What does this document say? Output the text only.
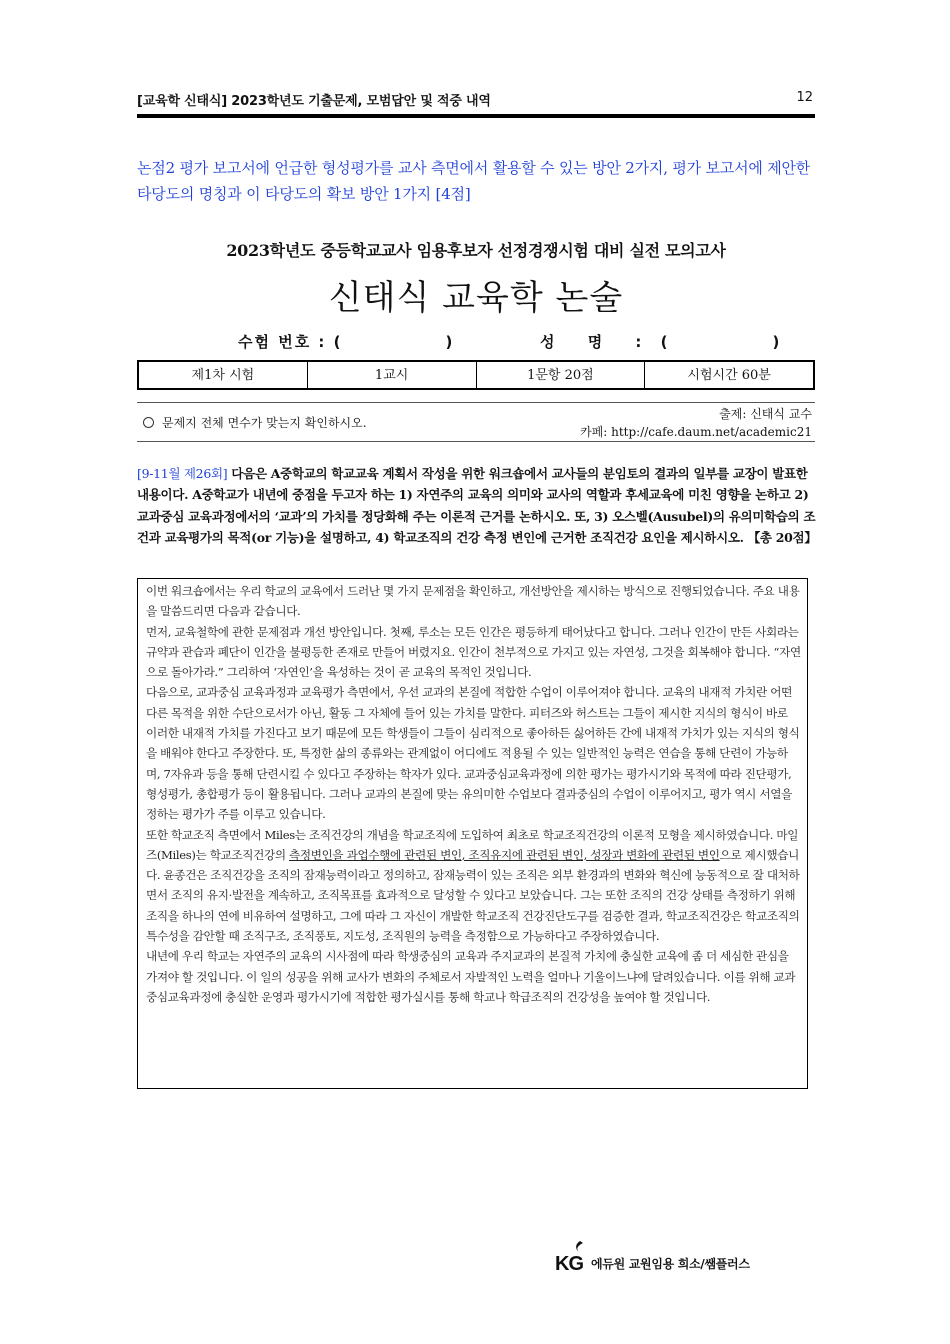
[교육학 신태식] 2023학년도 기출문제, 모범답안 및 적중 내역	12
논점2 평가 보고서에 언급한 형성평가를 교사 측면에서 활용할 수 있는 방안 2가지, 평가 보고서에 제안한 타당도의 명칭과 이 타당도의 확보 방안 1가지 [4점]
2023학년도 중등학교교사 임용후보자 선정경쟁시험 대비 실전 모의고사
신태식 교육학 논술
수험 번호 : (	)	성 명 : (	)
제1차 시험	1교시	1문항 20점	시험시간 60분
문제지 전체 면수가 맞는지 확인하시오.
출제: 신태식 교수
카페: http://cafe.daum.net/academic21
[9-11월 제26회] 다음은 A중학교의 학교교육 계획서 작성을 위한 워크숍에서 교사들의 분임토의 결과의 일부를 교장이 발표한 내용이다. A중학교가 내년에 중점을 두고자 하는 1) 자연주의 교육의 의미와 교사의 역할과 후세교육에 미친 영향을 논하고 2) 교과중심 교육과정에서의 ‘교과’의 가치를 정당화해 주는 이론적 근거를 논하시오. 또, 3) 오스벨(Ausubel)의 유의미학습의 조건과 교육평가의 목적(or 기능)을 설명하고, 4) 학교조직의 건강 측정 변인에 근거한 조직건강 요인을 제시하시오. 【총 20점】

이번 워크숍에서는 우리 학교의 교육에서 드러난 몇 가지 문제점을 확인하고, 개선방안을 제시하는 방식으로 진행되었습니다. 주요 내용을 말씀드리면 다음과 같습니다.

먼저, 교육철학에 관한 문제점과 개선 방안입니다. 첫째, 루소는 모든 인간은 평등하게 태어났다고 합니다. 그러나 인간이 만든 사회라는 규약과 관습과 폐단이 인간을 불평등한 존재로 만들어 버렸지요. 인간이 천부적으로 가지고 있는 자연성, 그것을 회복해야 합니다. “자연으로 돌아가라.” 그리하여 ‘자연인’을 육성하는 것이 곧 교육의 목적인 것입니다.

다음으로, 교과중심 교육과정과 교육평가 측면에서, 우선 교과의 본질에 적합한 수업이 이루어져야 합니다. 교육의 내재적 가치란 어떤 다른 목적을 위한 수단으로서가 아닌, 활동 그 자체에 들어 있는 가치를 말한다. 피터즈와 허스트는 그들이 제시한 지식의 형식이 바로 이러한 내재적 가치를 가진다고 보기 때문에 모든 학생들이 그들이 심리적으로 좋아하든 싫어하든 간에 내재적 가치가 있는 지식의 형식을 배워야 한다고 주장한다. 또, 특정한 삶의 종류와는 관계없이 어디에도 적용될 수 있는 일반적인 능력은 연습을 통해 단련이 가능하며, 7자유과 등을 통해 단련시킬 수 있다고 주장하는 학자가 있다. 교과중심교육과정에 의한 평가는 평가시기와 목적에 따라 진단평가, 형성평가, 총합평가 등이 활용됩니다. 그러나 교과의 본질에 맞는 유의미한 수업보다 결과중심의 수업이 이루어지고, 평가 역시 서열을 정하는 평가가 주를 이루고 있습니다.

또한 학교조직 측면에서 Miles는 조직건강의 개념을 학교조직에 도입하여 최초로 학교조직건강의 이론적 모형을 제시하였습니다. 마일즈(Miles)는 학교조직건강의 측정변인을 과업수행에 관련된 변인, 조직유지에 관련된 변인, 성장과 변화에 관련된 변인으로 제시했습니다. 윤종건은 조직건강을 조직의 잠재능력이라고 정의하고, 잠재능력이 있는 조직은 외부 환경과의 변화와 혁신에 능동적으로 잘 대처하면서 조직의 유지·발전을 계속하고, 조직목표를 효과적으로 달성할 수 있다고 보았습니다. 그는 또한 조직의 건강 상태를 측정하기 위해 조직을 하나의 연에 비유하여 설명하고, 그에 따라 그 자신이 개발한 학교조직 건강진단도구를 검증한 결과, 학교조직건강은 학교조직의 특수성을 감안할 때 조직구조, 조직풍토, 지도성, 조직원의 능력을 측정함으로 가능하다고 주장하였습니다.

내년에 우리 학교는 자연주의 교육의 시사점에 따라 학생중심의 교육과 주지교과의 본질적 가치에 충실한 교육에 좀 더 세심한 관심을 가져야 할 것입니다. 이 일의 성공을 위해 교사가 변화의 주체로서 자발적인 노력을 얼마나 기울이느냐에 달려있습니다. 이를 위해 교과중심교육과정에 충실한 운영과 평가시기에 적합한 평가실시를 통해 학교나 학급조직의 건강성을 높여야 할 것입니다.

KG 에듀원 교원임용 희소/쌤플러스
